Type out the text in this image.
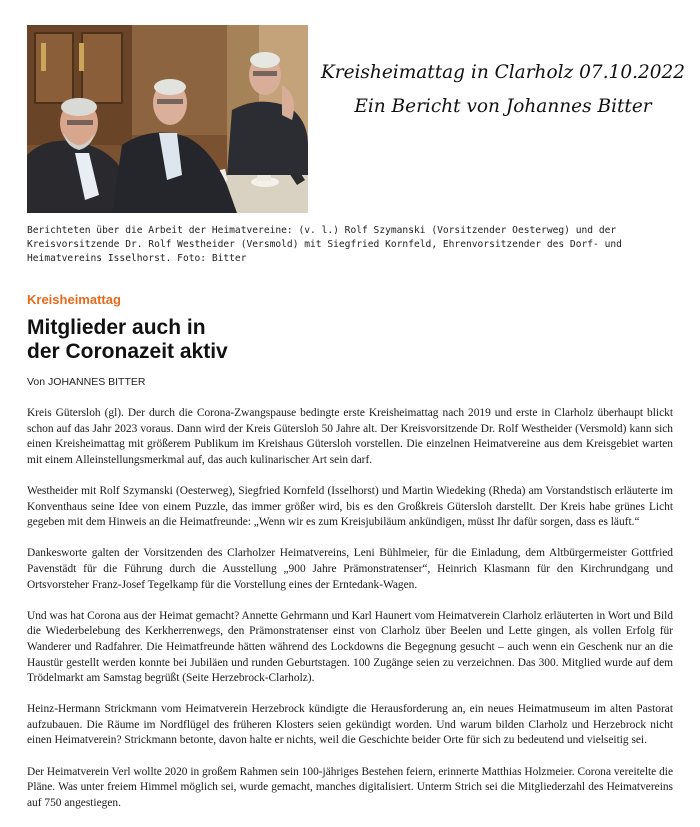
Kreisheimattag in Clarholz 07.10.2022
Ein Bericht von Johannes Bitter
Berichteten über die Arbeit der Heimatvereine: (v. l.) Rolf Szymanski (Vorsitzender Oesterweg) und der Kreisvorsitzende Dr. Rolf Westheider (Versmold) mit Siegfried Kornfeld, Ehrenvorsitzender des Dorf- und Heimatvereins Isselhorst. Foto: Bitter
Kreisheimattag
Mitglieder auch in
der Coronazeit aktiv
Von JOHANNES BITTER

Kreis Gütersloh (gl). Der durch die Corona-Zwangspause bedingte erste Kreisheimattag nach 2019 und erste in Clarholz überhaupt blickt schon auf das Jahr 2023 voraus. Dann wird der Kreis Gütersloh 50 Jahre alt. Der Kreisvorsitzende Dr. Rolf Westheider (Versmold) kann sich einen Kreisheimattag mit größerem Publikum im Kreishaus Gütersloh vorstellen. Die einzelnen Heimatvereine aus dem Kreisgebiet warten mit einem Alleinstellungsmerkmal auf, das auch kulinarischer Art sein darf.

Westheider mit Rolf Szymanski (Oesterweg), Siegfried Kornfeld (Isselhorst) und Martin Wiedeking (Rheda) am Vorstandstisch erläuterte im Konventhaus seine Idee von einem Puzzle, das immer größer wird, bis es den Großkreis Gütersloh darstellt. Der Kreis habe grünes Licht gegeben mit dem Hinweis an die Heimatfreunde: „Wenn wir es zum Kreisjubiläum ankündigen, müsst Ihr dafür sorgen, dass es läuft.“

Dankesworte galten der Vorsitzenden des Clarholzer Heimatvereins, Leni Bühlmeier, für die Einladung, dem Altbürgermeister Gottfried Pavenstädt für die Führung durch die Ausstellung „900 Jahre Prämonstratenser“, Heinrich Klasmann für den Kirchrundgang und Ortsvorsteher Franz-Josef Tegelkamp für die Vorstellung eines der Erntedank-Wagen.

Und was hat Corona aus der Heimat gemacht? Annette Gehrmann und Karl Haunert vom Heimatverein Clarholz erläuterten in Wort und Bild die Wiederbelebung des Kerkherrenwegs, den Prämonstratenser einst von Clarholz über Beelen und Lette gingen, als vollen Erfolg für Wanderer und Radfahrer. Die Heimatfreunde hätten während des Lockdowns die Begegnung gesucht – auch wenn ein Geschenk nur an die Haustür gestellt werden konnte bei Jubiläen und runden Geburtstagen. 100 Zugänge seien zu verzeichnen. Das 300. Mitglied wurde auf dem Trödelmarkt am Samstag begrüßt (Seite Herzebrock-Clarholz).

Heinz-Hermann Strickmann vom Heimatverein Herzebrock kündigte die Herausforderung an, ein neues Heimatmuseum im alten Pastorat aufzubauen. Die Räume im Nordflügel des früheren Klosters seien gekündigt worden. Und warum bilden Clarholz und Herzebrock nicht einen Heimatverein? Strickmann betonte, davon halte er nichts, weil die Geschichte beider Orte für sich zu bedeutend und vielseitig sei.

Der Heimatverein Verl wollte 2020 in großem Rahmen sein 100-jähriges Bestehen feiern, erinnerte Matthias Holzmeier. Corona vereitelte die Pläne. Was unter freiem Himmel möglich sei, wurde gemacht, manches digitalisiert. Unterm Strich sei die Mitgliederzahl des Heimatvereins auf 750 angestiegen.
